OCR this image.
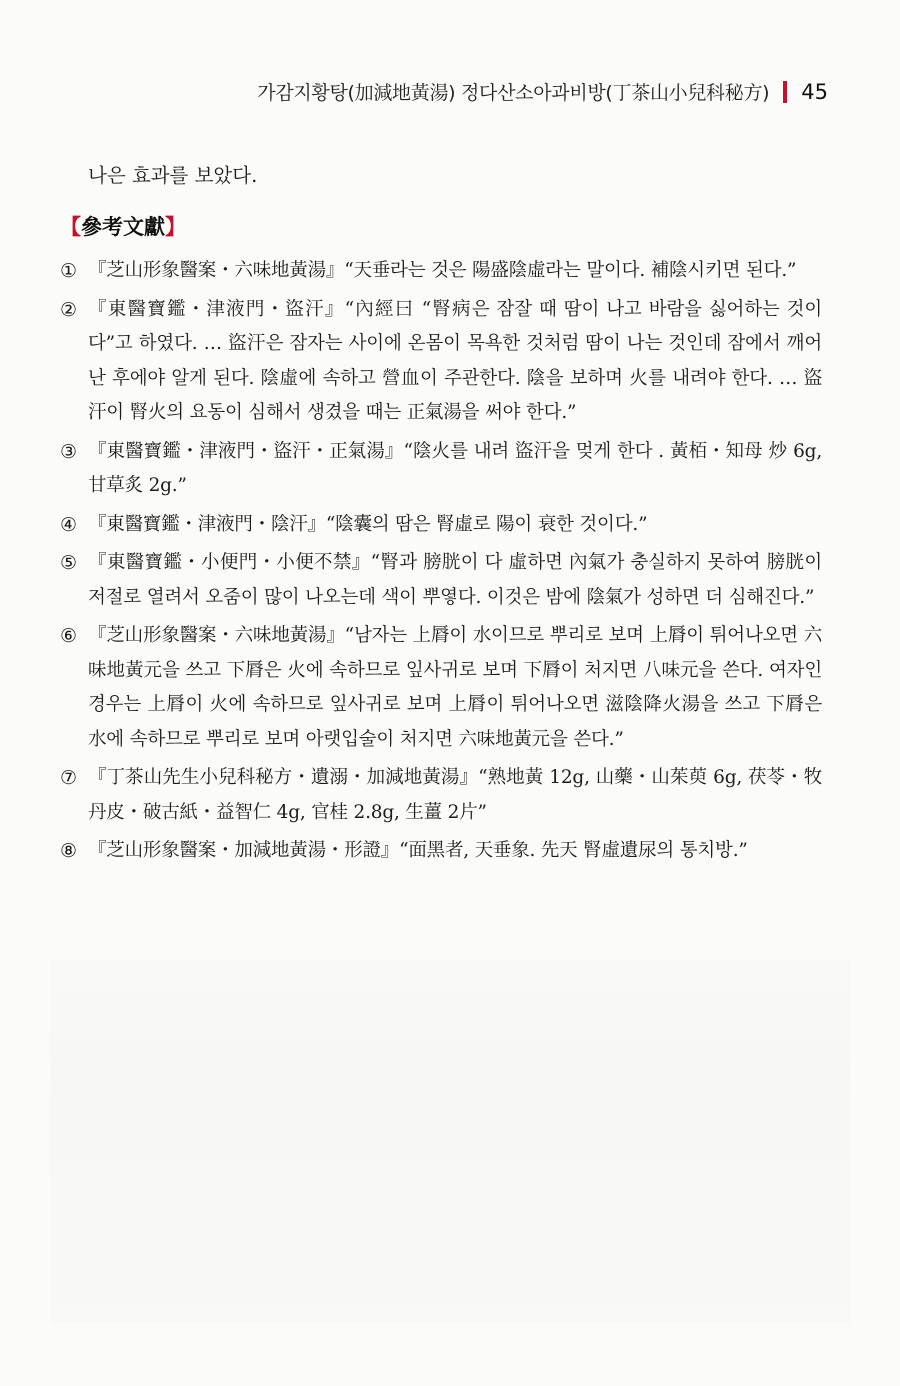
가감지황탕(加減地黃湯) 정다산소아과비방(丁茶山小兒科秘方) 45

나은 효과를 보았다.

【參考文獻】
① 『芝山形象醫案・六味地黃湯』“天垂라는 것은 陽盛陰虛라는 말이다. 補陰시키면 된다.”
② 『東醫寶鑑・津液門・盜汗』“內經曰 “腎病은 잠잘 때 땀이 나고 바람을 싫어하는 것이다”고 하였다. … 盜汗은 잠자는 사이에 온몸이 목욕한 것처럼 땀이 나는 것인데 잠에서 깨어난 후에야 알게 된다. 陰虛에 속하고 營血이 주관한다. 陰을 보하며 火를 내려야 한다. … 盜汗이 腎火의 요동이 심해서 생겼을 때는 正氣湯을 써야 한다.”
③ 『東醫寶鑑・津液門・盜汗・正氣湯』“陰火를 내려 盜汗을 멎게 한다 . 黃栢・知母 炒 6g, 甘草炙 2g.”
④ 『東醫寶鑑・津液門・陰汗』“陰囊의 땀은 腎虛로 陽이 衰한 것이다.”
⑤ 『東醫寶鑑・小便門・小便不禁』“腎과 膀胱이 다 虛하면 內氣가 충실하지 못하여 膀胱이 저절로 열려서 오줌이 많이 나오는데 색이 뿌옇다. 이것은 밤에 陰氣가 성하면 더 심해진다.”
⑥ 『芝山形象醫案・六味地黃湯』“남자는 上脣이 水이므로 뿌리로 보며 上脣이 튀어나오면 六味地黃元을 쓰고 下脣은 火에 속하므로 잎사귀로 보며 下脣이 처지면 八味元을 쓴다. 여자인 경우는 上脣이 火에 속하므로 잎사귀로 보며 上脣이 튀어나오면 滋陰降火湯을 쓰고 下脣은 水에 속하므로 뿌리로 보며 아랫입술이 처지면 六味地黃元을 쓴다.”
⑦ 『丁茶山先生小兒科秘方・遺溺・加減地黃湯』“熟地黃 12g, 山藥・山茱萸 6g, 茯苓・牧丹皮・破古紙・益智仁 4g, 官桂 2.8g, 生薑 2片”
⑧ 『芝山形象醫案・加減地黃湯・形證』“面黑者, 天垂象. 先天 腎虛遺尿의 통치방.”
